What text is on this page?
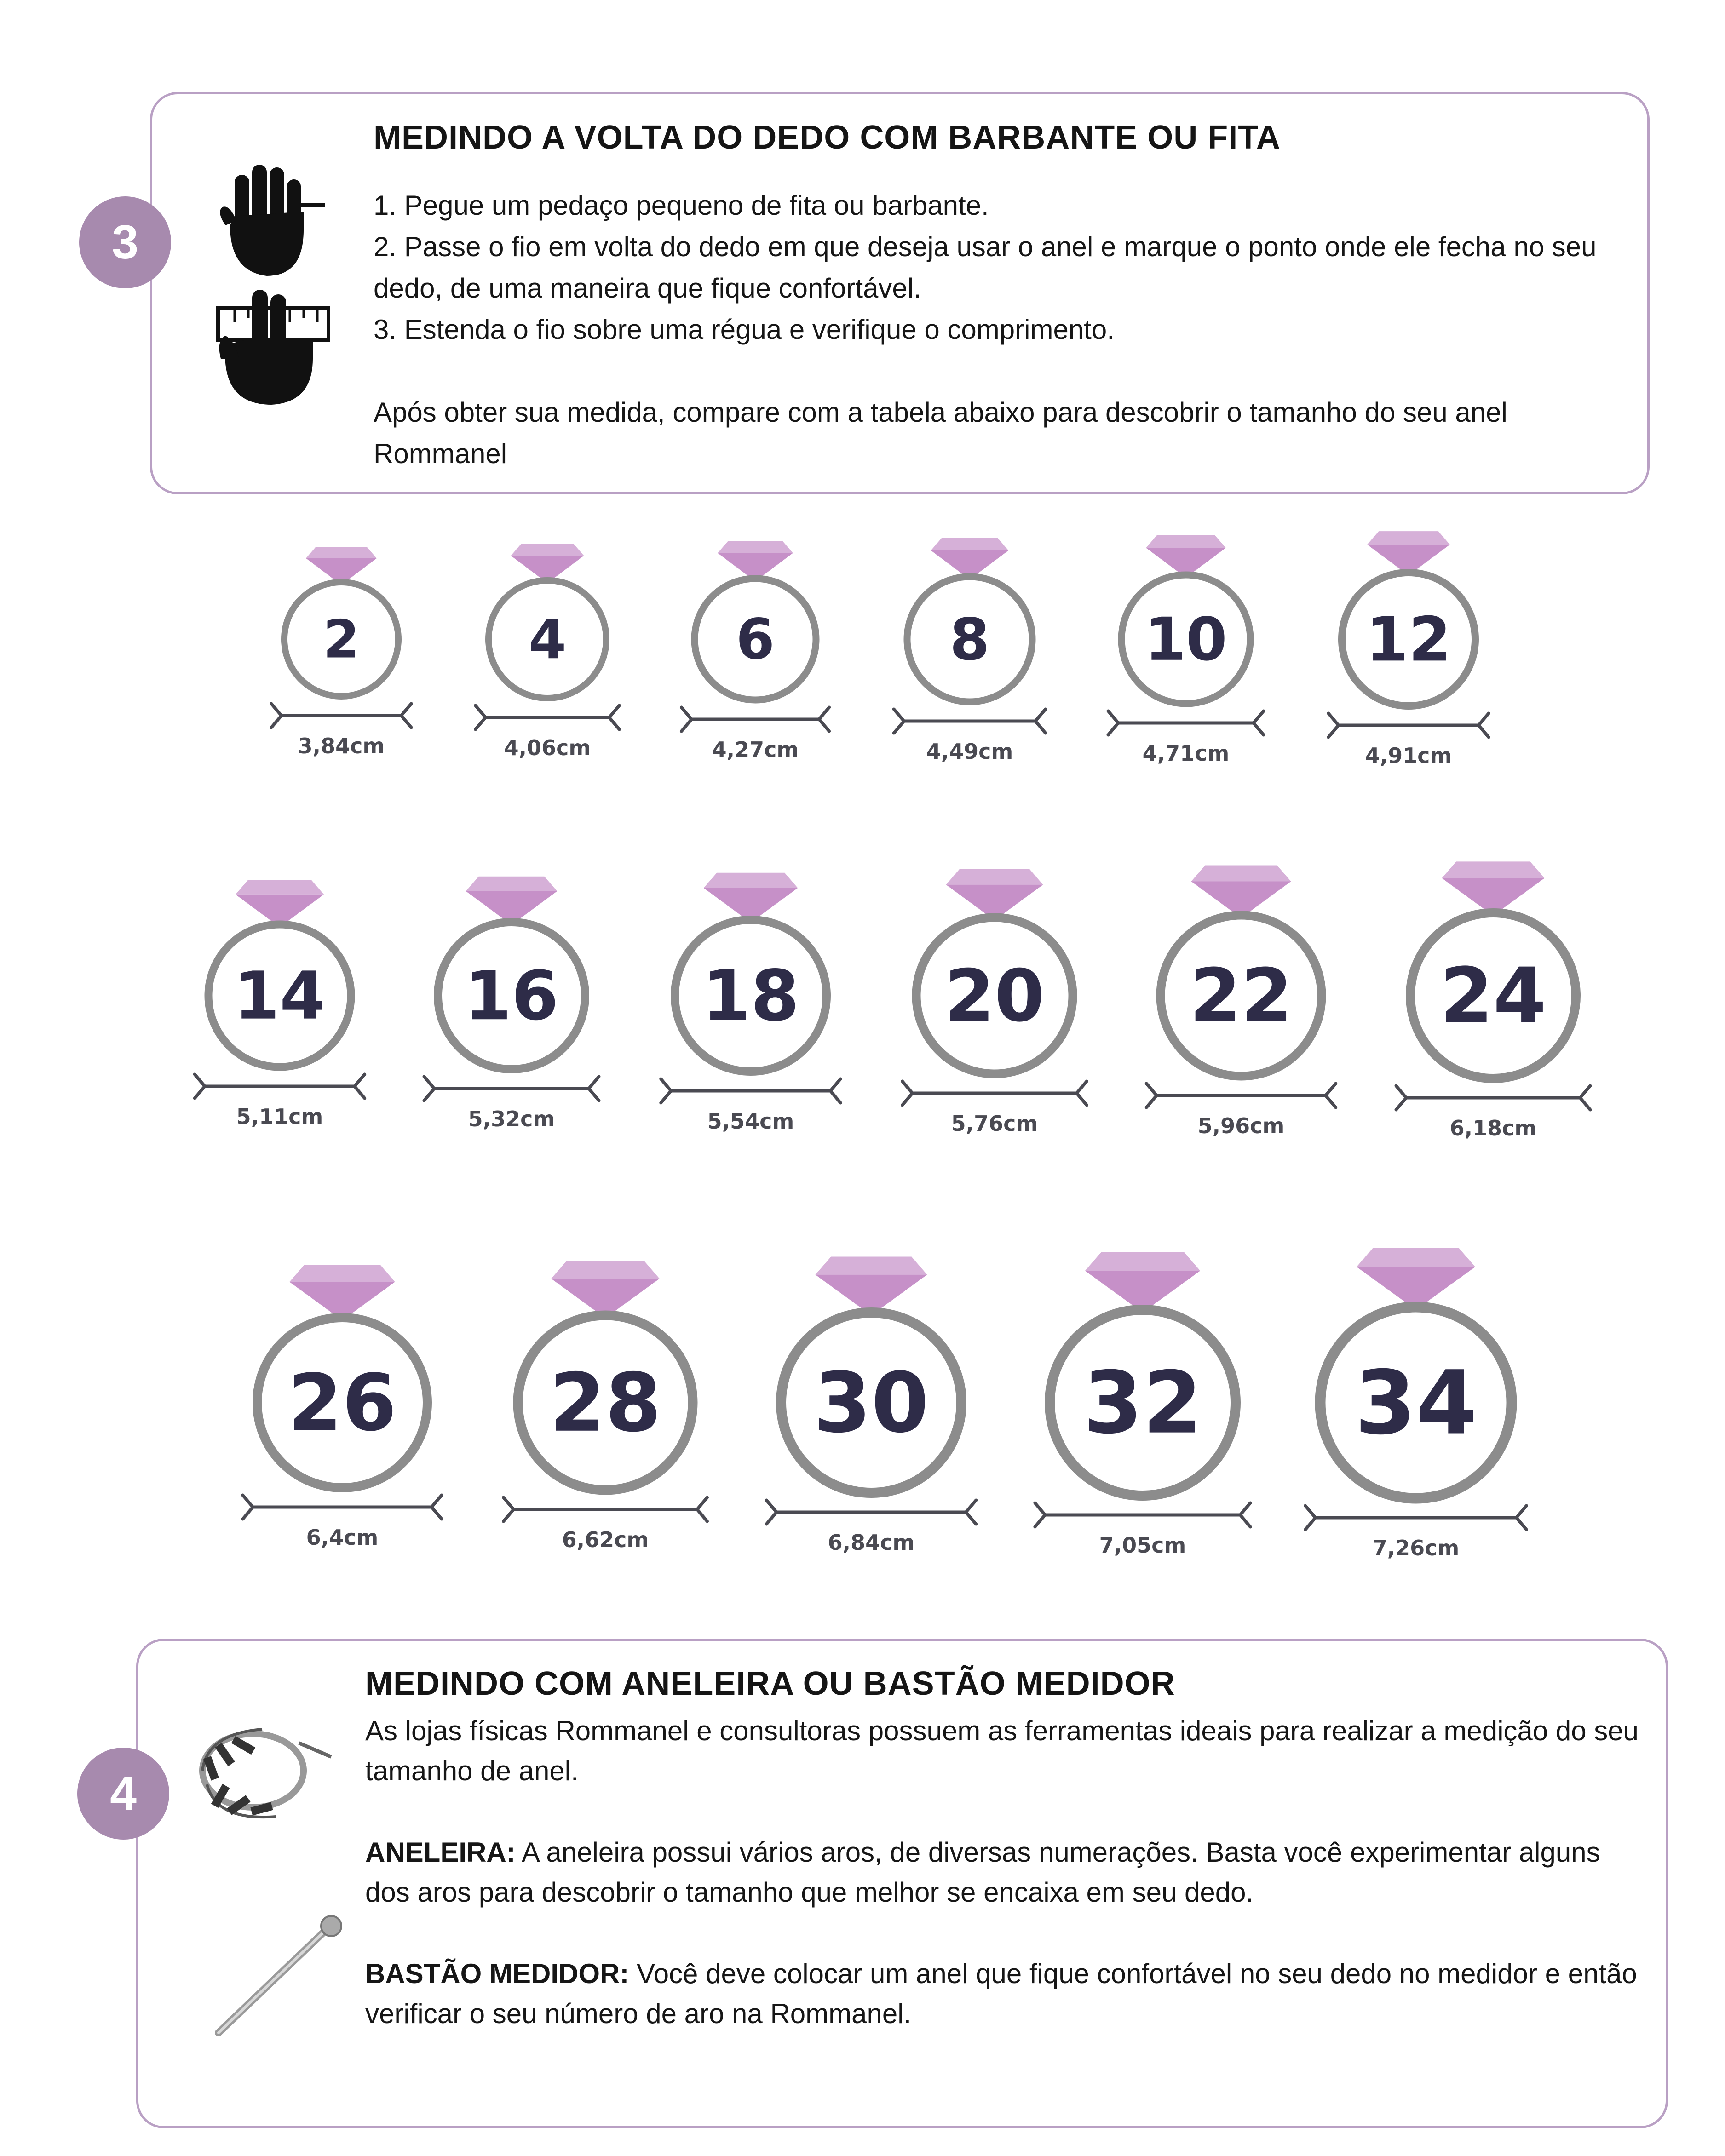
3
MEDINDO A VOLTA DO DEDO COM BARBANTE OU FITA

1. Pegue um pedaço pequeno de fita ou barbante.

2. Passe o fio em volta do dedo em que deseja usar o anel e marque o ponto onde ele fecha no seu dedo, de uma maneira que fique confortável.

3. Estenda o fio sobre uma régua e verifique o comprimento.

Após obter sua medida, compare com a tabela abaixo para descobrir o tamanho do seu anel Rommanel

2
3,84cm
4
4,06cm
6
4,27cm
8
4,49cm
10
4,71cm
12
4,91cm
14
5,11cm
16
5,32cm
18
5,54cm
20
5,76cm
22
5,96cm
24
6,18cm
26
6,4cm
28
6,62cm
30
6,84cm
32
7,05cm
34
7,26cm
4
MEDINDO COM ANELEIRA OU BASTÃO MEDIDOR

As lojas físicas Rommanel e consultoras possuem as ferramentas ideais para realizar a medição do seu tamanho de anel.

ANELEIRA: A aneleira possui vários aros, de diversas numerações. Basta você experimentar alguns dos aros para descobrir o tamanho que melhor se encaixa em seu dedo.

BASTÃO MEDIDOR: Você deve colocar um anel que fique confortável no seu dedo no medidor e então verificar o seu número de aro na Rommanel.
